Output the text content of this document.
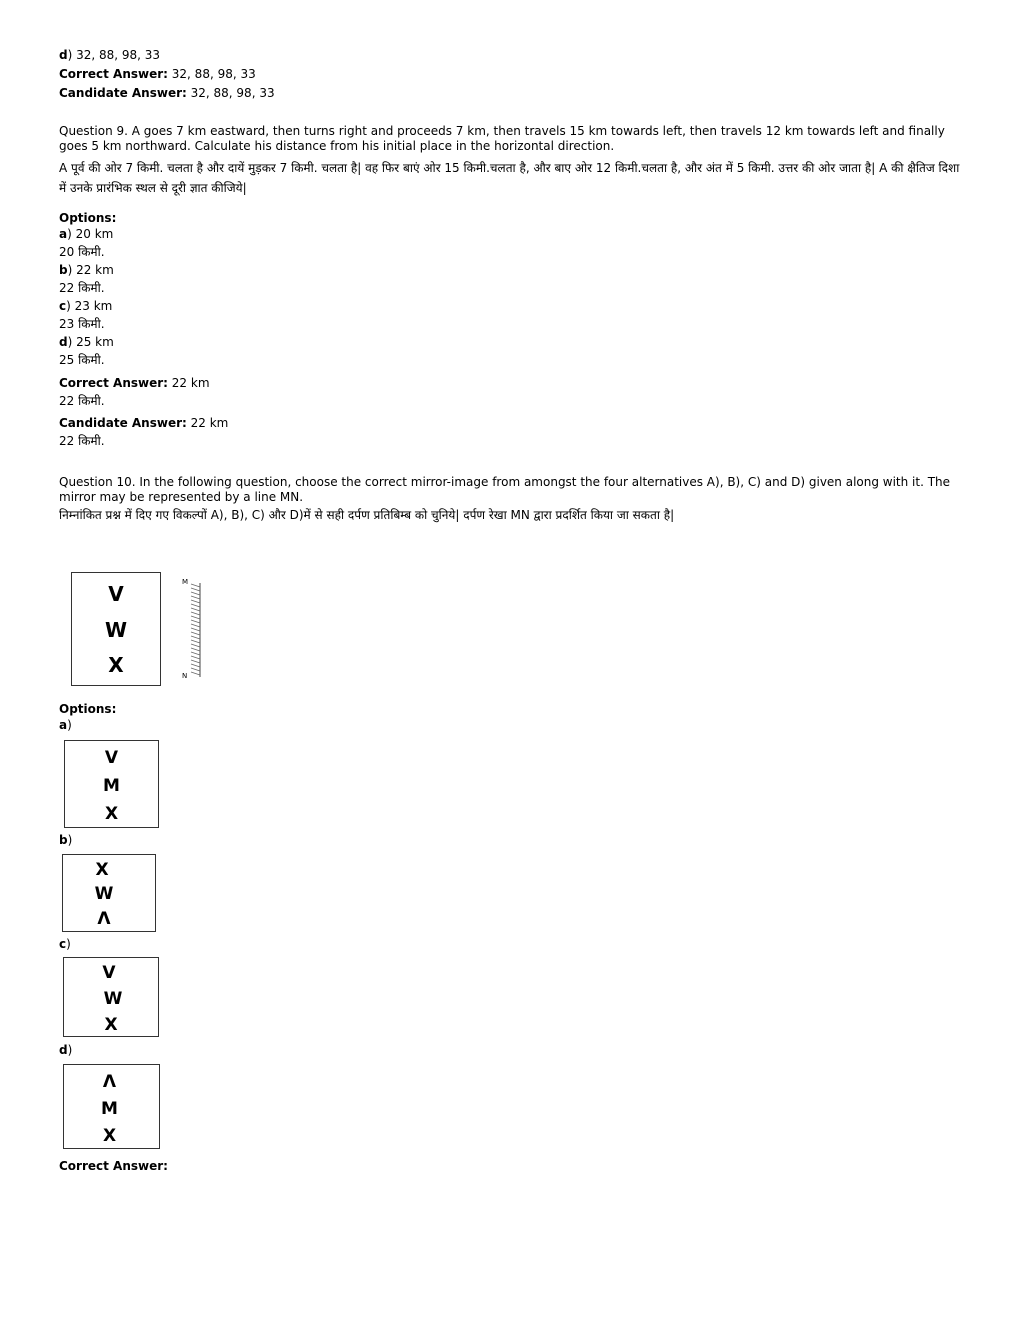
d) 32, 88, 98, 33
Correct Answer: 32, 88, 98, 33
Candidate Answer: 32, 88, 98, 33
Question 9. A goes 7 km eastward, then turns right and proceeds 7 km, then travels 15 km towards left, then travels 12 km towards left and finally goes 5 km northward. Calculate his distance from his initial place in the horizontal direction.
A पूर्व की ओर 7 किमी. चलता है और दायें मुड़कर 7 किमी. चलता है| वह फिर बाएं ओर 15 किमी.चलता है, और बाए ओर 12 किमी.चलता है, और अंत में 5 किमी. उत्तर की ओर जाता है| A की क्षैतिज दिशा में उनके प्रारंभिक स्थल से दूरी ज्ञात कीजिये|
Options:
a) 20 km
20 किमी.
b) 22 km
22 किमी.
c) 23 km
23 किमी.
d) 25 km
25 किमी.
Correct Answer: 22 km
22 किमी.
Candidate Answer: 22 km
22 किमी.
Question 10. In the following question, choose the correct mirror-image from amongst the four alternatives A), B), C) and D) given along with it. The mirror may be represented by a line MN.
निम्नांकित प्रश्न में दिए गए विकल्पों A), B), C) और D)में से सही दर्पण प्रतिबिम्ब को चुनिये| दर्पण रेखा MN द्वारा प्रदर्शित किया जा सकता है|
V
W
X
M
N
Options:
a)
V
M
X
b)
X
W
Λ
c)
V
W
X
d)
Λ
M
X
Correct Answer:
